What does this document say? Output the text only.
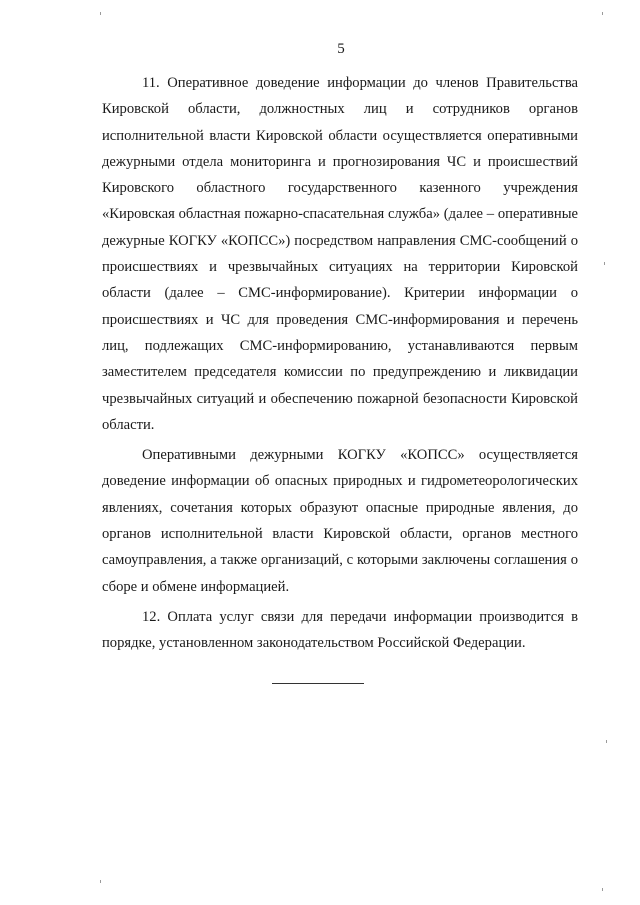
5

11. Оперативное доведение информации до членов Правительства Кировской области, должностных лиц и сотрудников органов исполнительной власти Кировской области осуществляется оперативными дежурными отдела мониторинга и прогнозирования ЧС и происшествий Кировского областного государственного казенного учреждения «Кировская областная пожарно-спасательная служба» (далее – оперативные дежурные КОГКУ «КОПСС») посредством направления СМС-сообщений о происшествиях и чрезвычайных ситуациях на территории Кировской области (далее – СМС-информирование). Критерии информации о происшествиях и ЧС для проведения СМС-информирования и перечень лиц, подлежащих СМС-информированию, устанавливаются первым заместителем председателя комиссии по предупреждению и ликвидации чрезвычайных ситуаций и обеспечению пожарной безопасности Кировской области.

Оперативными дежурными КОГКУ «КОПСС» осуществляется доведение информации об опасных природных и гидрометеорологических явлениях, сочетания которых образуют опасные природные явления, до органов исполнительной власти Кировской области, органов местного самоуправления, а также организаций, с которыми заключены соглашения о сборе и обмене информацией.

12. Оплата услуг связи для передачи информации производится в порядке, установленном законодательством Российской Федерации.
